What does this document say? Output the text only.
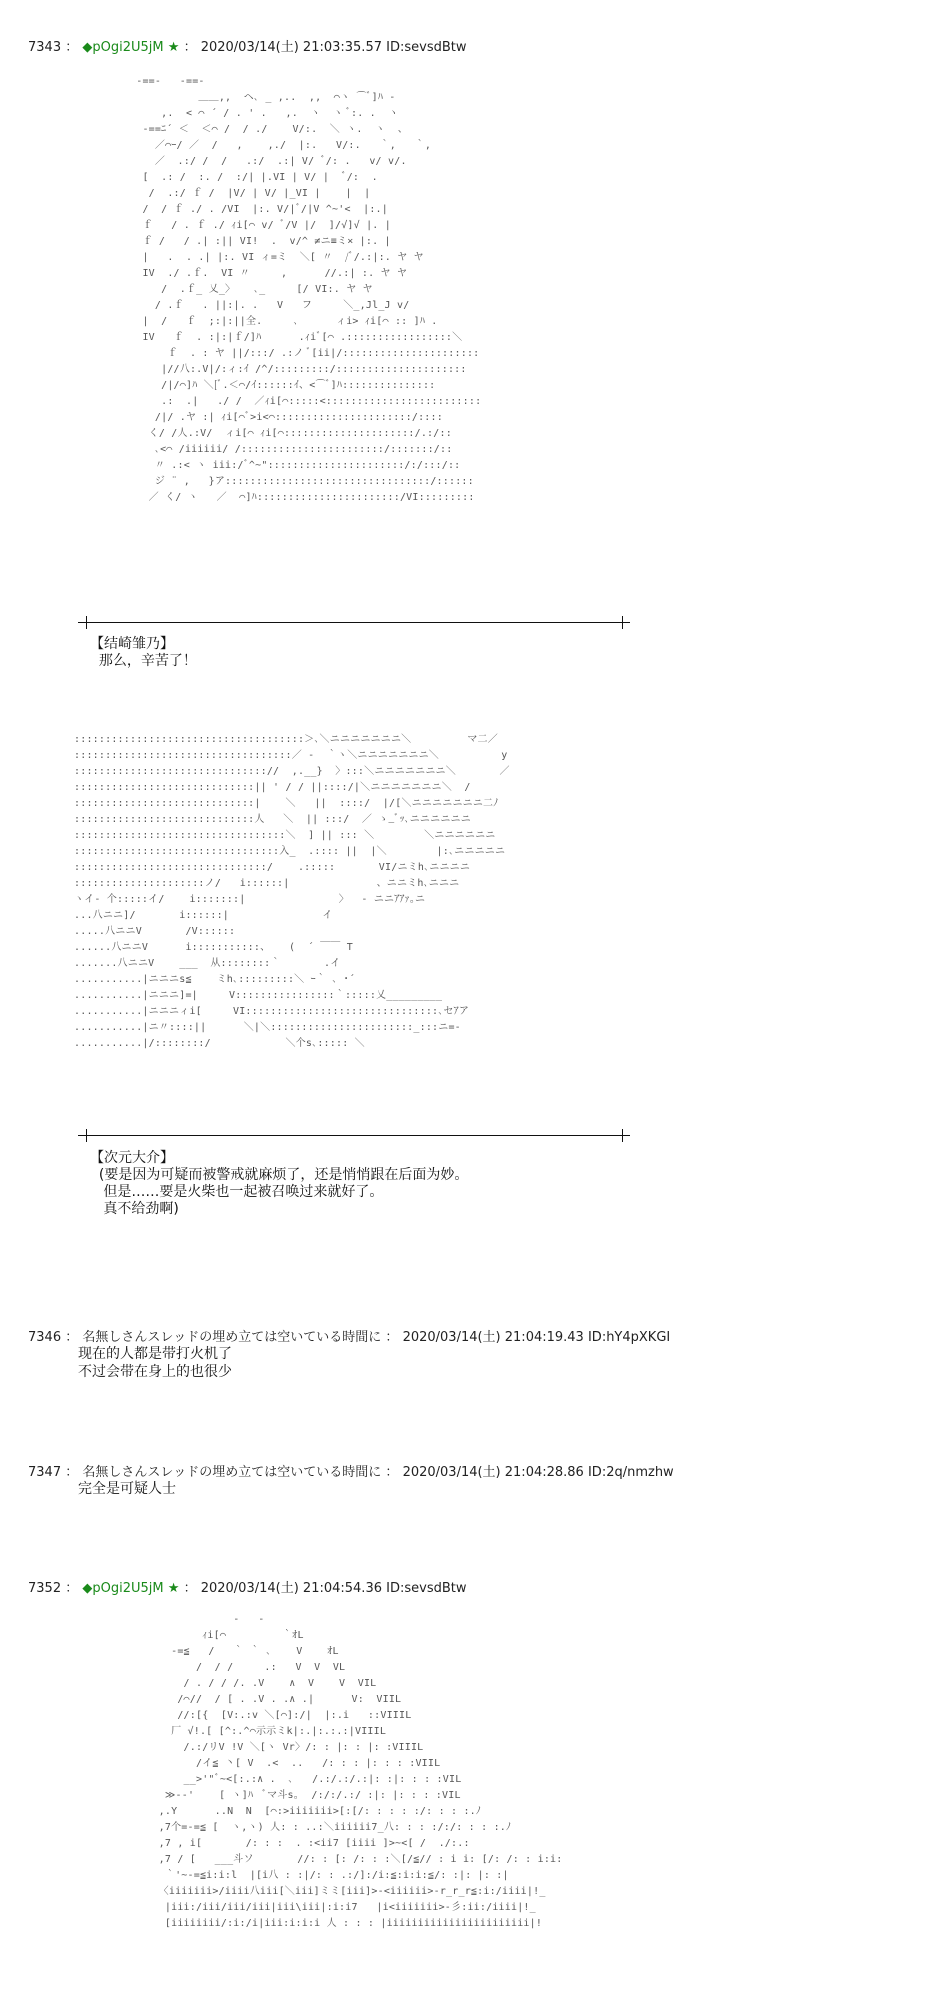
7343 ： ◆pOgi2U5jM ★ ： 2020/03/14(土) 21:03:35.57 ID:sevsdBtw
-==-   -==-
＿＿,,  ヘ､ _ ,..  ,,  ⌒ヽ ⌒ﾞ]ﾊ -
,.  < ⌒ ´ / . ' .   ,.  ヽ  ヽ ﾞ:. .  ヽ
-==ﾆ´ ＜  ＜⌒ /  / ./    V/:.  ＼ ヽ.  ヽ  、
／⌒ｰ/ ／  /   ,    ,./  |:.   V/:.   ｀,   ｀,
／  .:/ /  /   .:/  .:| V/ ﾞ/: .   v/ v/.
[  .: /  :. /  :/| |.VI | V/ |  ﾞ/:  .
/  .:/ ｆ /  |V/ | V/ |_VI |    |  |
/  / ｆ ./ . /VI  |:. V/|ﾞ/|V ^~'<  |:.|
ｆ   / . ｆ ./ ｨi[⌒ v/ ﾞ/V |/  ]/√]√ |. |
ｆ /   / .| :|| VI!  .  v/^ ≠ニ≡ミ× |:. |
|   .  . .| |:. VI ィ=ミ  ＼[ 〃  /ﾞ/.:|:. ヤ ヤ
IV  ./ .ｆ.  VI 〃     ,      //.:| :. ヤ ヤ
/  .ｆ_ 乂_〉   ､_     [/ VI:. ヤ ヤ
/ .ｆ   . ||:|. .   V   フ     ＼_,Jl_J v/
|  /   ｆ  ;:|:||全.     ､      ィi> ｨi[⌒ :: ]ﾊ .
IV   ｆ  . :|:|ｆ/]ﾊ      .ｨiﾞ[⌒ .:::::::::::::::::＼
ｆ  . : ヤ ||/:::/ .:ノ ﾞ[ii|/::::::::::::::::::::::
|//八:.V|/:ィ:ｲ /^/:::::::::/:::::::::::::::::::::
/|/⌒]ﾊ ＼[ﾞ.＜⌒/ｲ::::::ｲ、<⌒ﾞ]ﾊ:::::::::::::::
.:  .|   ./ /  ／ｨi[⌒:::::<:::::::::::::::::::::::::
/|/ .ヤ :| ｨi[⌒ﾞ>i<⌒::::::::::::::::::::::/::::
く/ /人.:V/  ィi[⌒ ｨi[⌒:::::::::::::::::::::/.:/::
､<⌒ /iiiiii/ /:::::::::::::::::::::::/:::::::/::
〃 .:< ヽ iii:/ﾞ^~"::::::::::::::::::::::/:/:::/::
ジ ¨ ,   }ア:::::::::::::::::::::::::::::::::/::::::
／ く/ ヽ   ／  ⌒]ﾊ:::::::::::::::::::::::/VI:::::::::
【结崎雏乃】
那么，辛苦了！
:::::::::::::::::::::::::::::::::::::＞､＼ニニニニニニニ＼         マ二／
:::::::::::::::::::::::::::::::::::／ -  ｀ヽ＼ニニニニニニニ＼          y
::::::::::::::::::::::::::::::://  ,.__}  〉:::＼ニニニニニニニ＼       ／
:::::::::::::::::::::::::::::|| ' / / ||::::/|＼ニニニニニニニ＼  /
:::::::::::::::::::::::::::::|    ＼   ||  ::::/  |/[＼ニニニニニニニ二ﾉ
:::::::::::::::::::::::::::::人   ＼  || :::/  ／ ゝ_ﾞｯ､ニニニニニニ
::::::::::::::::::::::::::::::::::＼  ] || ::: ＼        ＼ニニニニニニ
:::::::::::::::::::::::::::::::::入_  .:::: ||  |＼        |:､ニニニニニ
:::::::::::::::::::::::::::::::/    .:::::       VI/ニミh､ニニニニ
:::::::::::::::::::::ノ/   i::::::|              、ニニミh､ニニニ
ヽイ- 个:::::イ/    i:::::::|               〉  - ニニｱｱｧ｡ニ
...八ニニ]/       i::::::|               イ
.....八ニニV       /V::::::
......八ニニV      i:::::::::::、   (  ´ ￣￣ T
.......八ニニV    ___  从::::::::｀       .イ
...........|ニニニs≦    ミh､:::::::::＼ ｰ｀ ､ ･´
...........|ニニニ]=|     V::::::::::::::::｀:::::乂_________
...........|ニニニィi[     VI:::::::::::::::::::::::::::::::､セｱア
...........|ニ〃::::||      ＼|＼:::::::::::::::::::::::_:::ニ=-
...........|/::::::::/            ＼个s､::::: ＼
【次元大介】
(要是因为可疑而被警戒就麻烦了，还是悄悄跟在后面为妙。
但是……要是火柴也一起被召唤过来就好了。
真不给劲啊)
7346 ： 名無しさんスレッドの埋め立ては空いている時間に ： 2020/03/14(土) 21:04:19.43 ID:hY4pXKGI
现在的人都是带打火机了
不过会带在身上的也很少
7347 ： 名無しさんスレッドの埋め立ては空いている時間に ： 2020/03/14(土) 21:04:28.86 ID:2q/nmzhw
完全是可疑人士
7352 ： ◆pOgi2U5jM ★ ： 2020/03/14(土) 21:04:54.36 ID:sevsdBtw
-   -
ｨi[⌒         ｀ｵL
-=≦   /   ｀ ｀ ､    V    ｵL
/  / /     .:   V  V  VL
/ . / / /. .V    ∧  V    V  VIL
/⌒//  / [ . .V . .∧ .|      V:  VIIL
//:[{  [V:.:v ＼[⌒]:/|  |:.i   ::VIIIL
厂 √!.[ [^:.^⌒示示ミk|:.|:.:.:|VIIIL
/.:/リV !V ＼[ヽ Vr〉/: : |: : |: :VIIIL
/イ≦ 丶[ V  .<  ..   /: : : |: : : :VIIL
__>'"ﾞ~<[:.:∧ .  ､   /.:/.:/.:|: :|: : : :VIL
≫-‐'    [ ヽ]ﾊ  ﾞマ斗s｡  /:/:/.:/ :|: |: : : :VIL
,.Y      ..N  N  [⌒:>iiiiiii>[:[/: : : : :/: : : :.ﾉ
,7个=-=≦ [  ヽ,ヽ) 人: : ..:＼iiiiii7_八: : : :/:/: : : :.ﾉ
,7 , i[       /: : :  . :<ii7 [iiii ]>~<[ /  ./:.:
,7 / [   ___斗ソ       //: : [: /: : :＼[/≦// : i i: [/: /: : i:i:
｀'~-=≦i:i:l  |[i八 : :|/: : .:/]:/i:≦:i:i:≦/: :|: |: :|
〈iiiiiii>/iiii八iii[＼iii]ミミ[iii]>-<iiiiii>-r_r_r≦:i:/iiii|!_
|iii:/iii/iii/iii|iii\iii|:i:i7   |i<iiiiiii>-彡:ii:/iiii|!_
[iiiiiiii/:i:/i|iii:i:i:i 人 : : : |iiiiiiiiiiiiiiiiiiiiiii|!
